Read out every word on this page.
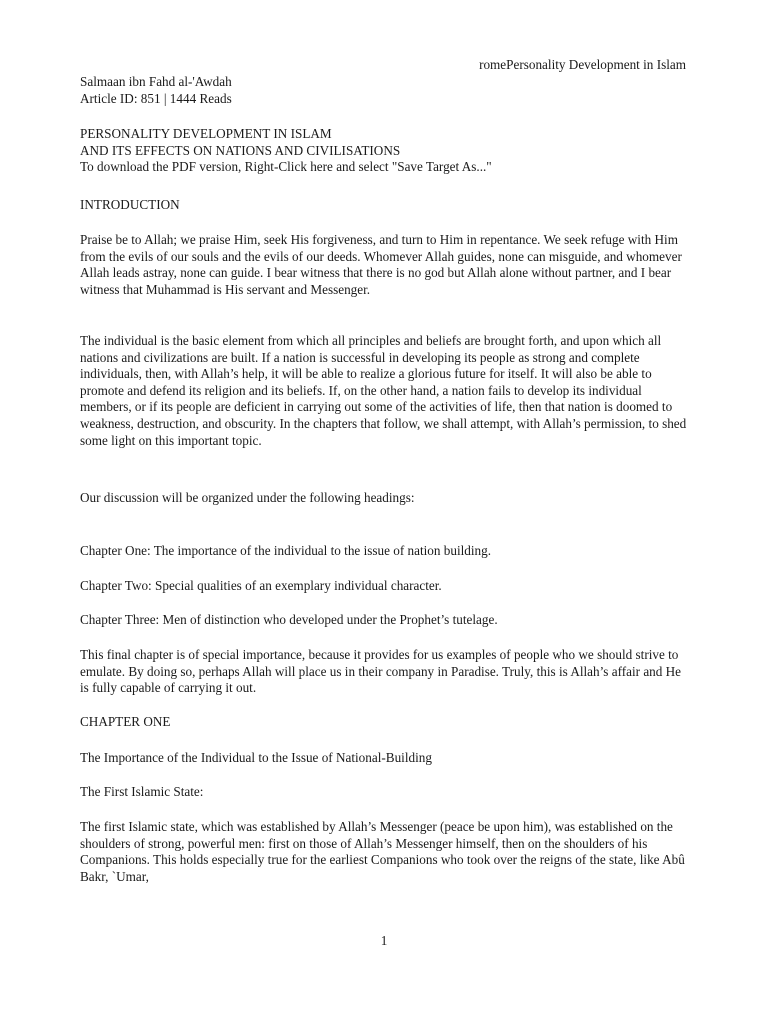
romePersonality Development in Islam
Salmaan ibn Fahd al-'Awdah
Article ID: 851 | 1444 Reads
PERSONALITY DEVELOPMENT IN ISLAM
AND ITS EFFECTS ON NATIONS AND CIVILISATIONS
To download the PDF version, Right-Click here and select "Save Target As..."
INTRODUCTION

Praise be to Allah; we praise Him, seek His forgiveness, and turn to Him in repentance. We seek refuge with Him from the evils of our souls and the evils of our deeds. Whomever Allah guides, none can misguide, and whomever Allah leads astray, none can guide. I bear witness that there is no god but Allah alone without partner, and I bear witness that Muhammad is His servant and Messenger.

The individual is the basic element from which all principles and beliefs are brought forth, and upon which all nations and civilizations are built. If a nation is successful in developing its people as strong and complete individuals, then, with Allah’s help, it will be able to realize a glorious future for itself. It will also be able to promote and defend its religion and its beliefs. If, on the other hand, a nation fails to develop its individual members, or if its people are deficient in carrying out some of the activities of life, then that nation is doomed to weakness, destruction, and obscurity. In the chapters that follow, we shall attempt, with Allah’s permission, to shed some light on this important topic.

Our discussion will be organized under the following headings:

Chapter One: The importance of the individual to the issue of nation building.

Chapter Two: Special qualities of an exemplary individual character.

Chapter Three: Men of distinction who developed under the Prophet’s tutelage.

This final chapter is of special importance, because it provides for us examples of people who we should strive to emulate. By doing so, perhaps Allah will place us in their company in Paradise. Truly, this is Allah’s affair and He is fully capable of carrying it out.

CHAPTER ONE
The Importance of the Individual to the Issue of National-Building
The First Islamic State:

The first Islamic state, which was established by Allah’s Messenger (peace be upon him), was established on the shoulders of strong, powerful men: first on those of Allah’s Messenger himself, then on the shoulders of his Companions. This holds especially true for the earliest Companions who took over the reigns of the state, like Abû Bakr, `Umar,

1
